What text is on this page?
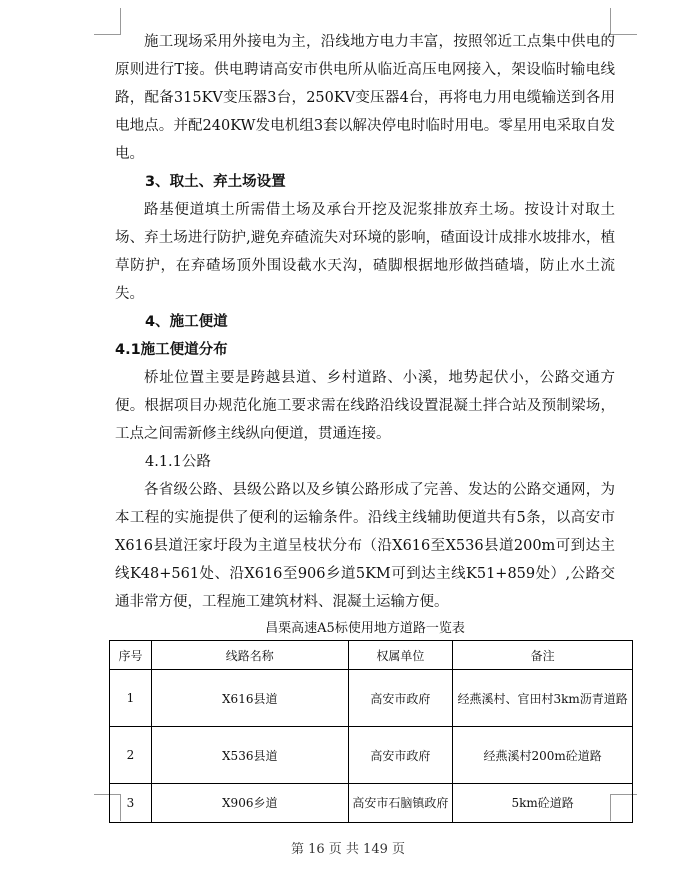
施工现场采用外接电为主，沿线地方电力丰富，按照邻近工点集中供电的原则进行T接。供电聘请高安市供电所从临近高压电网接入，架设临时输电线路，配备315KV变压器3台，250KV变压器4台，再将电力用电缆输送到各用电地点。并配240KW发电机组3套以解决停电时临时用电。零星用电采取自发电。

3、取土、弃土场设置

路基便道填土所需借土场及承台开挖及泥浆排放弃土场。按设计对取土场、弃土场进行防护,避免弃碴流失对环境的影响，碴面设计成排水坡排水，植草防护，在弃碴场顶外围设截水天沟，碴脚根据地形做挡碴墙，防止水土流失。

4、施工便道

4.1施工便道分布

桥址位置主要是跨越县道、乡村道路、小溪，地势起伏小，公路交通方便。根据项目办规范化施工要求需在线路沿线设置混凝土拌合站及预制梁场，工点之间需新修主线纵向便道，贯通连接。

4.1.1公路

各省级公路、县级公路以及乡镇公路形成了完善、发达的公路交通网，为本工程的实施提供了便利的运输条件。沿线主线辅助便道共有5条，以高安市X616县道汪家圩段为主道呈枝状分布（沿X616至X536县道200m可到达主线K48+561处、沿X616至906乡道5KM可到达主线K51+859处）,公路交通非常方便，工程施工建筑材料、混凝土运输方便。

昌栗高速A5标使用地方道路一览表
序号	线路名称	权属单位	备注
1	X616县道	高安市政府	经燕溪村、官田村3km沥青道路
2	X536县道	高安市政府	经燕溪村200m砼道路
3	X906乡道	高安市石脑镇政府	5km砼道路
第 16 页 共 149 页
